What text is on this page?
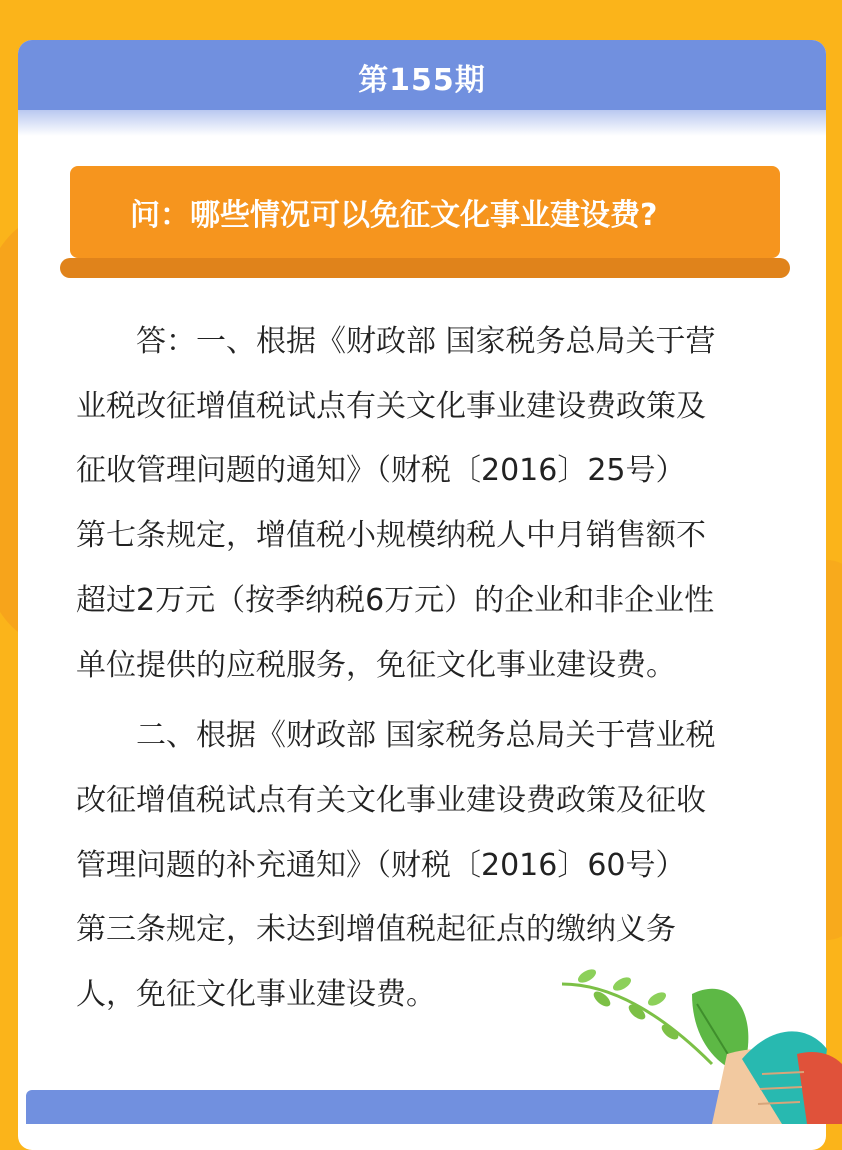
第155期
问：哪些情况可以免征文化事业建设费?
答：一、根据《财政部 国家税务总局关于营
业税改征增值税试点有关文化事业建设费政策及
征收管理问题的通知》（财税〔2016〕25号）
第七条规定，增值税小规模纳税人中月销售额不
超过2万元（按季纳税6万元）的企业和非企业性
单位提供的应税服务，免征文化事业建设费。
二、根据《财政部 国家税务总局关于营业税
改征增值税试点有关文化事业建设费政策及征收
管理问题的补充通知》（财税〔2016〕60号）
第三条规定，未达到增值税起征点的缴纳义务
人，免征文化事业建设费。
